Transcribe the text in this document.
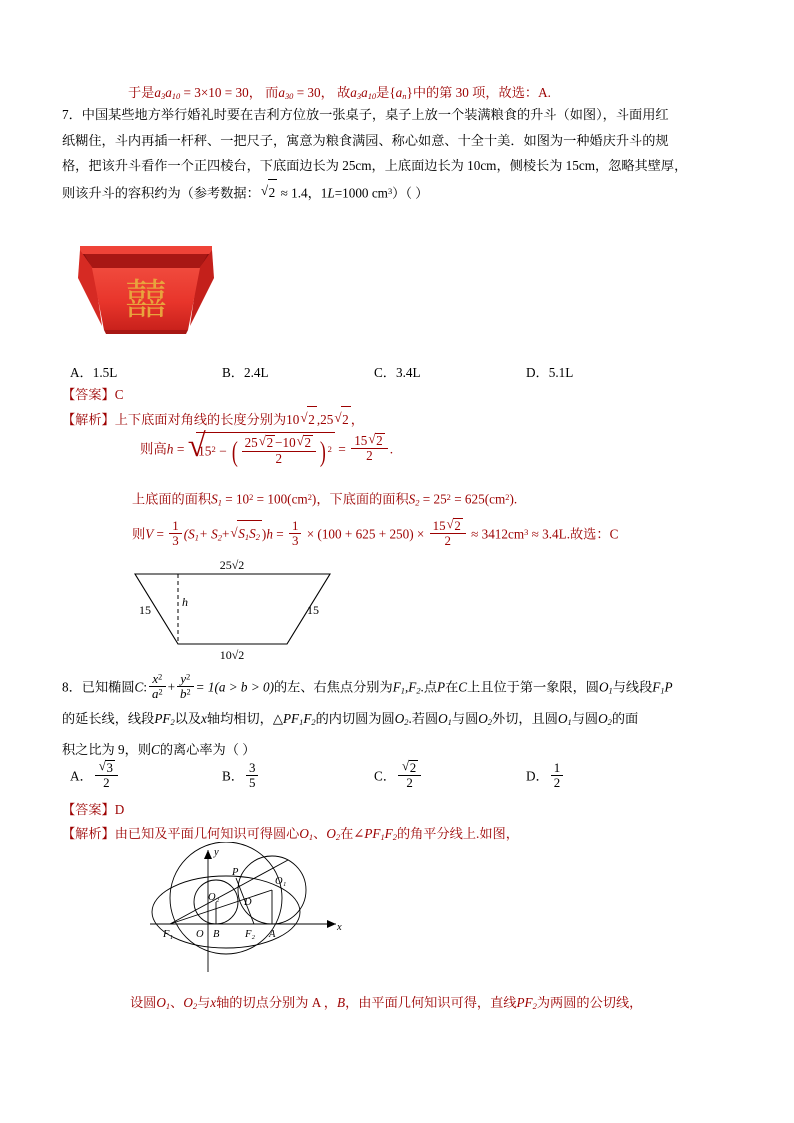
于是$a_3a_{10} = 3\times 10 = 30$， 而$a_{30} = 30$， 故$a_3a_{10}$是$\{a_n\}$中的第 30 项，故选：A.
7．中国某些地方举行婚礼时要在吉利方位放一张桌子，桌子上放一个装满粮食的升斗（如图），斗面用红
纸糊住，斗内再插一杆秤、一把尺子，寓意为粮食满园、称心如意、十全十美．如图为一种婚庆升斗的规
格，把该升斗看作一个正四棱台，下底面边长为 25cm，上底面边长为 10cm，侧棱长为 15cm，忽略其壁厚，
则该升斗的容积约为（参考数据： √ 2 ≈ 1.4，1L=1000 $cm^3$）（ ）
囍
A．1.5L	B．2.4L	C．3.4L	D．5.1L
【答案】C
【解析】上下底面对角线的长度分别为10 √ 2 ,25 √ 2 ，
则高h = √ $15^2$ − ( $\frac{25 √ 2 -10 √ 2}{2}$ ) $^2 = \frac{15 √ 2}{2}$ .
上底面的面积$S_1 = 10^2 = 100(cm^2)$，下底面的面积$S_2 = 25^2 = 625(cm^2)$.
则$V = \frac{1}{3} (S_1+ S_2+$ √ $S_1S_2$ )$h = \frac{1}{3} \times (100 + 625 + 250) \times \frac{15 √ 2}{2} \approx 3412cm^3 \approx 3.4L$.故选：C
25√2
10√2
15	15
h
8．已知椭圆C: $\frac{x^2}{a^2} + \frac{y^2}{b^2} = 1(a > b > 0)$的左、右焦点分别为$F_1,F_2$.点P在C上且位于第一象限，圆$O_1$与线段$F_1P$
的延长线，线段$PF_2$以及x轴均相切，$\triangle PF_1F_2$的内切圆为圆$O_2$.若圆$O_1$与圆$O_2$外切，且圆$O_1$与圆$O_2$的面
积之比为 9，则C的离心率为（ ）
A． √ $\frac{3}{2}$	B． $\frac{3}{5}$	C． √ $\frac{2}{2}$	D． $\frac{1}{2}$
【答案】D
【解析】由已知及平面几何知识可得圆心$O_1$、$O_2$在$\angle PF_1F_2$的角平分线上.如图，
y
x
P
O₁
O₂ D
F₁ O B F₂ A
设圆$O_1$、$O_2$与x轴的切点分别为 A ，B，由平面几何知识可得，直线$PF_2$为两圆的公切线，
